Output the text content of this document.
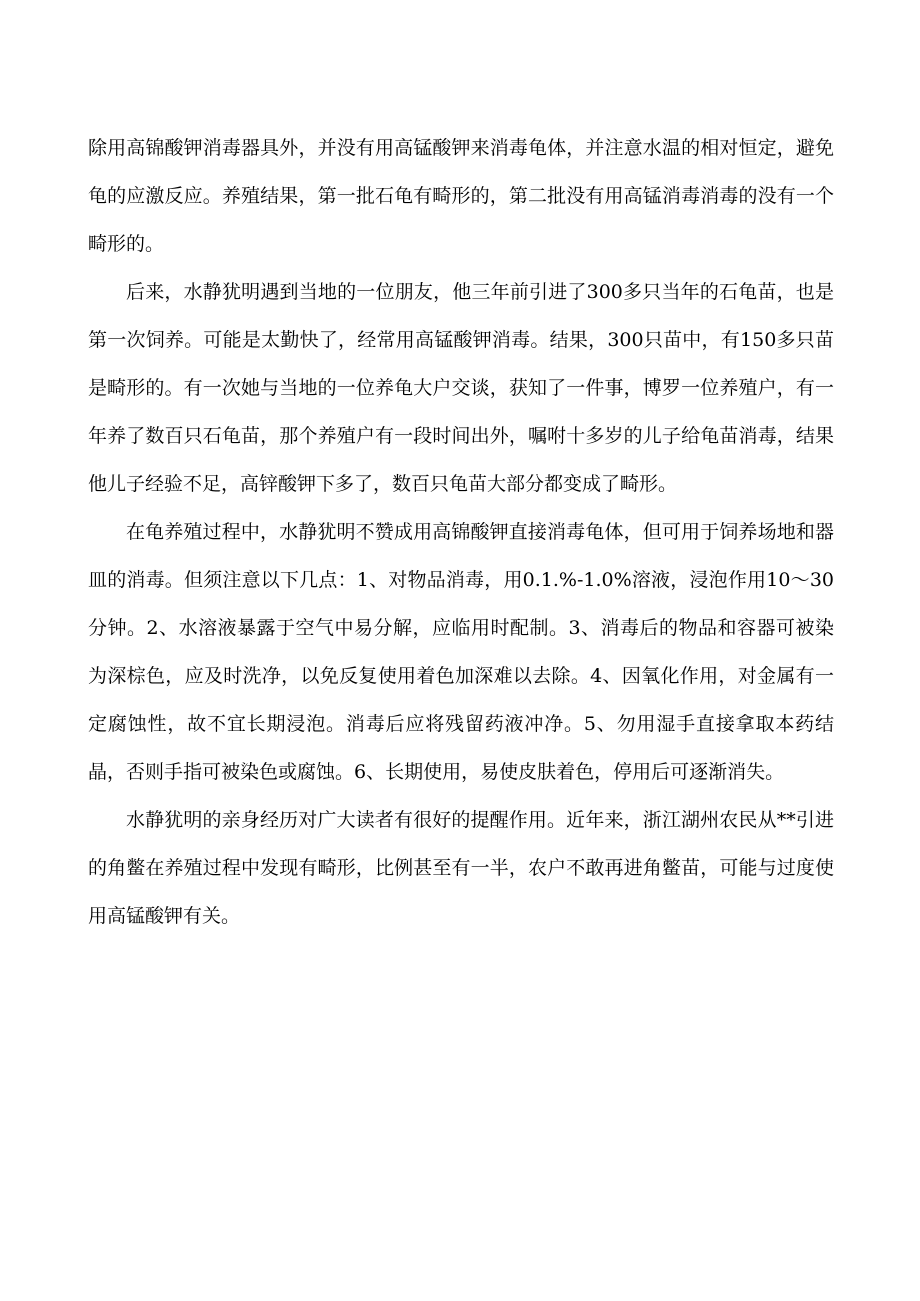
除用高锦酸钾消毒器具外，并没有用高锰酸钾来消毒龟体，并注意水温的相对恒定，避免龟的应激反应。养殖结果，第一批石龟有畸形的，第二批没有用高锰消毒消毒的没有一个畸形的。

后来，水静犹明遇到当地的一位朋友，他三年前引进了300多只当年的石龟苗，也是第一次饲养。可能是太勤快了，经常用高锰酸钾消毒。结果，300只苗中，有150多只苗是畸形的。有一次她与当地的一位养龟大户交谈，获知了一件事，博罗一位养殖户，有一年养了数百只石龟苗，那个养殖户有一段时间出外，嘱咐十多岁的儿子给龟苗消毒，结果他儿子经验不足，高锌酸钾下多了，数百只龟苗大部分都变成了畸形。

在龟养殖过程中，水静犹明不赞成用高锦酸钾直接消毒龟体，但可用于饲养场地和器皿的消毒。但须注意以下几点：1、对物品消毒，用0.1.%-1.0%溶液，浸泡作用10～30分钟。2、水溶液暴露于空气中易分解，应临用时配制。3、消毒后的物品和容器可被染为深棕色，应及时洗净，以免反复使用着色加深难以去除。4、因氧化作用，对金属有一定腐蚀性，故不宜长期浸泡。消毒后应将残留药液冲净。5、勿用湿手直接拿取本药结晶，否则手指可被染色或腐蚀。6、长期使用，易使皮肤着色，停用后可逐渐消失。

水静犹明的亲身经历对广大读者有很好的提醒作用。近年来，浙江湖州农民从**引进的角鳖在养殖过程中发现有畸形，比例甚至有一半，农户不敢再进角鳖苗，可能与过度使用高锰酸钾有关。
